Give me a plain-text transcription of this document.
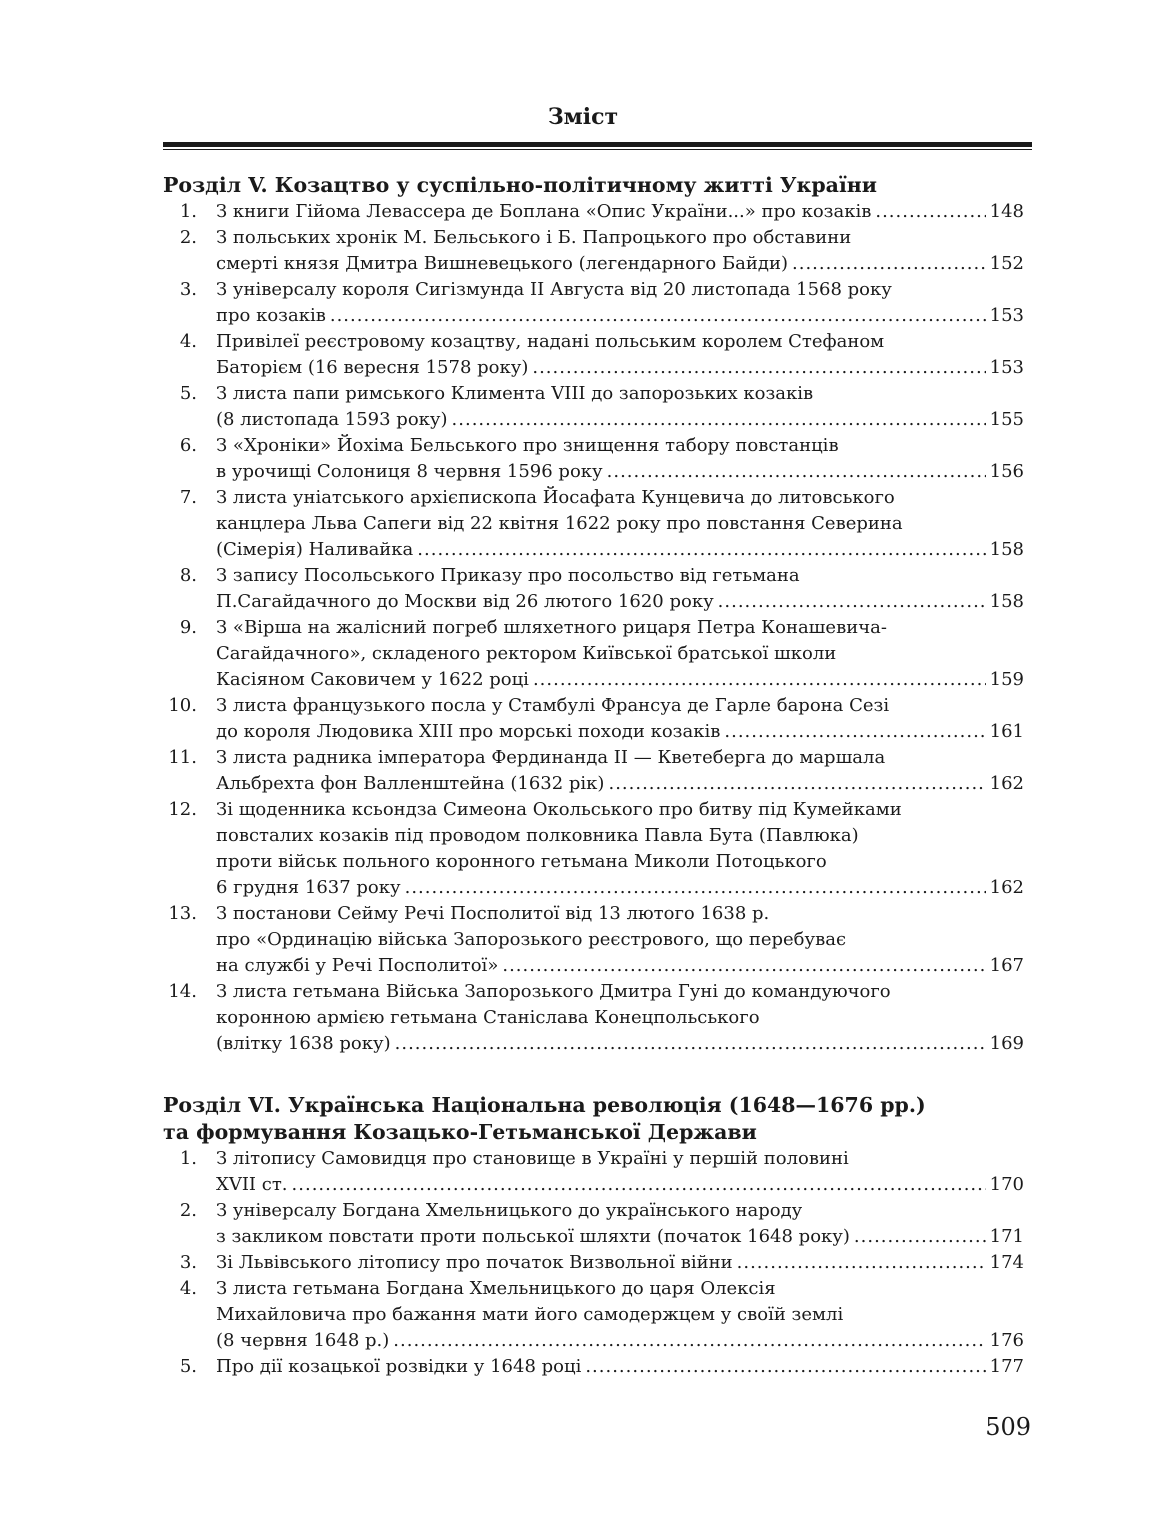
Зміст
Розділ V. Козацтво у суспільно-політичному житті України
1. З книги Гійома Левассера де Боплана «Опис України...» про козаків .....	148
2. З польських хронік М. Бельського і Б. Папроцького про обставини
смерті князя Дмитра Вишневецького (легендарного Байди) .....	152
3. З універсалу короля Сигізмунда II Августа від 20 листопада 1568 року
про козаків .....	153
4. Привілеї реєстровому козацтву, надані польським королем Стефаном
Баторієм (16 вересня 1578 року) .....	153
5. З листа папи римського Климента VIII до запорозьких козаків
(8 листопада 1593 року) .....	155
6. З «Хроніки» Йохіма Бельського про знищення табору повстанців
в урочищі Солониця 8 червня 1596 року .....	156
7. З листа уніатського архієпископа Йосафата Кунцевича до литовського
канцлера Льва Сапеги від 22 квітня 1622 року про повстання Северина
(Сімерія) Наливайка .....	158
8. З запису Посольського Приказу про посольство від гетьмана
П.Сагайдачного до Москви від 26 лютого 1620 року .....	158
9. З «Вірша на жалісний погреб шляхетного рицаря Петра Конашевича-
Сагайдачного», складеного ректором Київської братської школи
Касіяном Саковичем у 1622 році .....	159
10. З листа французького посла у Стамбулі Франсуа де Гарле барона Сезі
до короля Людовика XIII про морські походи козаків .....	161
11. З листа радника імператора Фердинанда II — Кветеберга до маршала
Альбрехта фон Валленштейна (1632 рік) .....	162
12. Зі щоденника ксьондза Симеона Окольського про битву під Кумейками
повсталих козаків під проводом полковника Павла Бута (Павлюка)
проти військ польного коронного гетьмана Миколи Потоцького
6 грудня 1637 року .....	162
13. З постанови Сейму Речі Посполитої від 13 лютого 1638 р.
про «Ординацію війська Запорозького реєстрового, що перебуває
на службі у Речі Посполитої» .....	167
14. З листа гетьмана Війська Запорозького Дмитра Гуні до командуючого
коронною армією гетьмана Станіслава Конецпольського
(влітку 1638 року) .....	169
Розділ VI. Українська Національна революція (1648—1676 рр.)
та формування Козацько-Гетьманської Держави
1. З літопису Самовидця про становище в Україні у першій половині
XVII ст. .....	170
2. З універсалу Богдана Хмельницького до українського народу
з закликом повстати проти польської шляхти (початок 1648 року) .....	171
3. Зі Львівського літопису про початок Визвольної війни .....	174
4. З листа гетьмана Богдана Хмельницького до царя Олексія
Михайловича про бажання мати його самодержцем у своїй землі
(8 червня 1648 р.) .....	176
5. Про дії козацької розвідки у 1648 році .....	177
509
